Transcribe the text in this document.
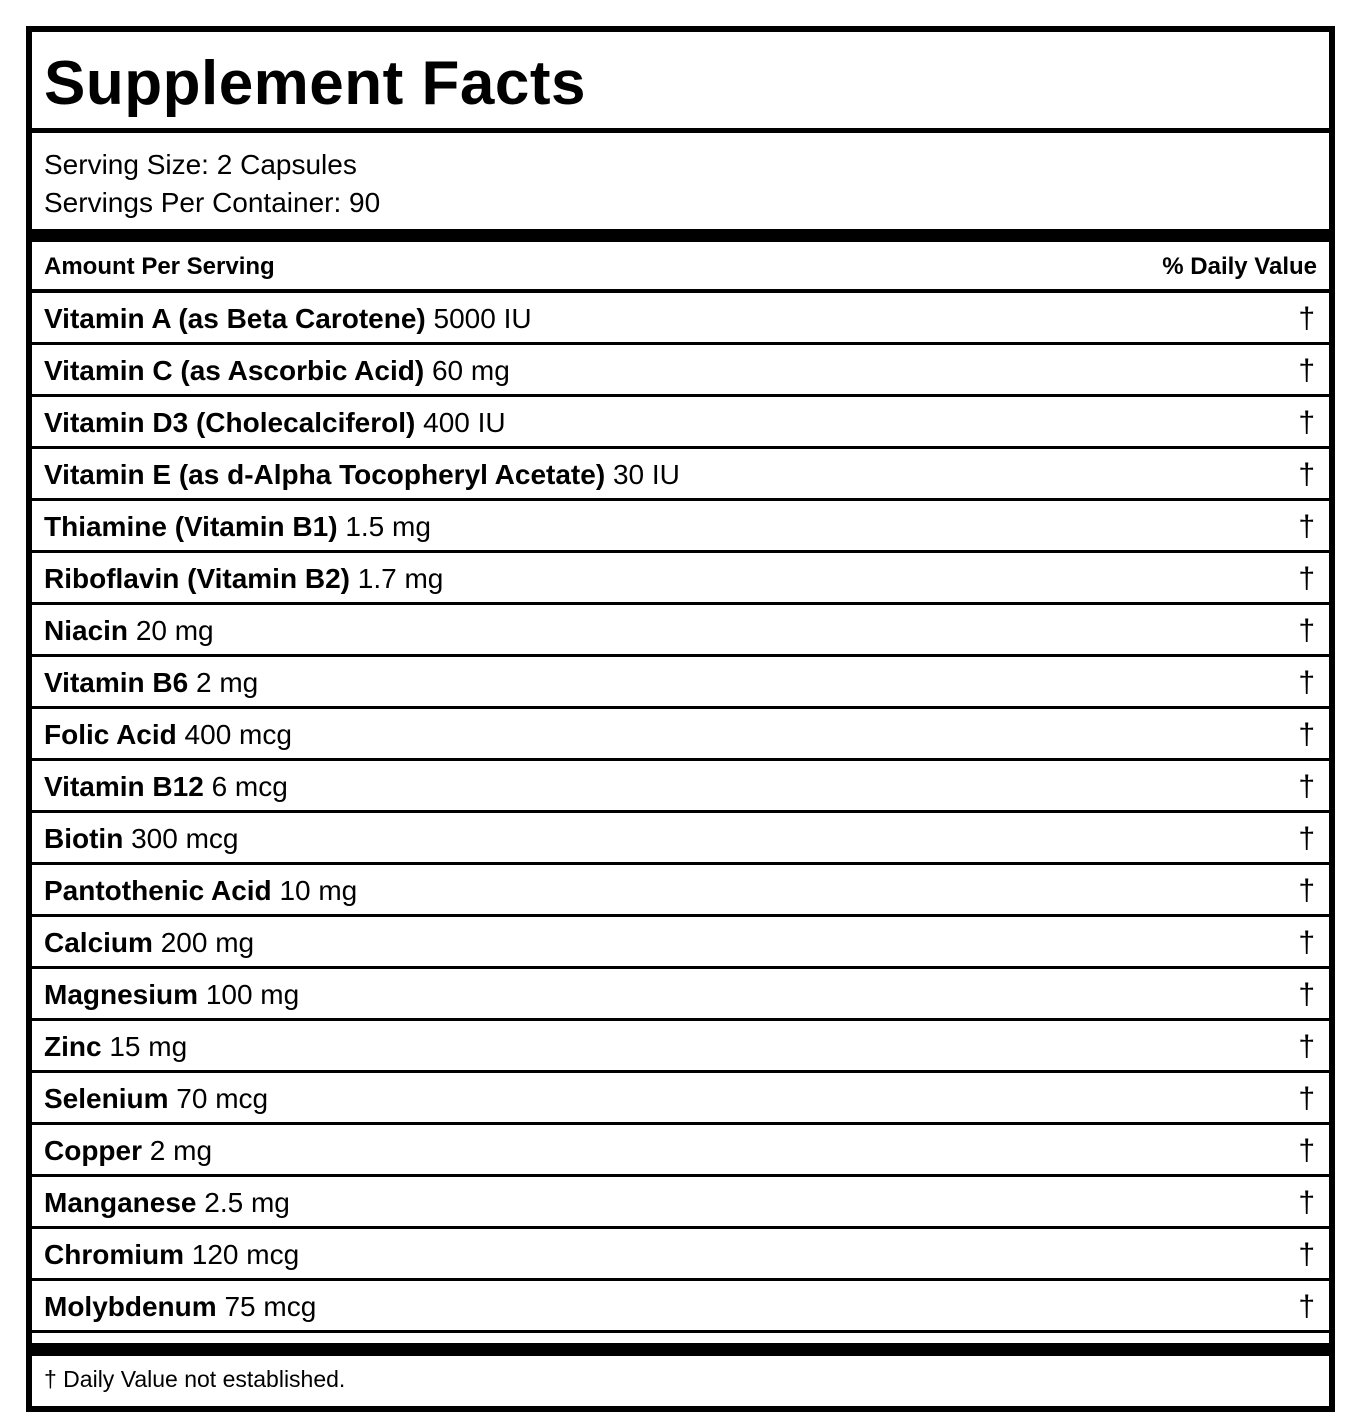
Supplement Facts
Serving Size: 2 Capsules
Servings Per Container: 90
Amount Per Serving	% Daily Value
Vitamin A (as Beta Carotene) 5000 IU	†
Vitamin C (as Ascorbic Acid) 60 mg	†
Vitamin D3 (Cholecalciferol) 400 IU	†
Vitamin E (as d-Alpha Tocopheryl Acetate) 30 IU	†
Thiamine (Vitamin B1) 1.5 mg	†
Riboflavin (Vitamin B2) 1.7 mg	†
Niacin 20 mg	†
Vitamin B6 2 mg	†
Folic Acid 400 mcg	†
Vitamin B12 6 mcg	†
Biotin 300 mcg	†
Pantothenic Acid 10 mg	†
Calcium 200 mg	†
Magnesium 100 mg	†
Zinc 15 mg	†
Selenium 70 mcg	†
Copper 2 mg	†
Manganese 2.5 mg	†
Chromium 120 mcg	†
Molybdenum 75 mcg	†
† Daily Value not established.
